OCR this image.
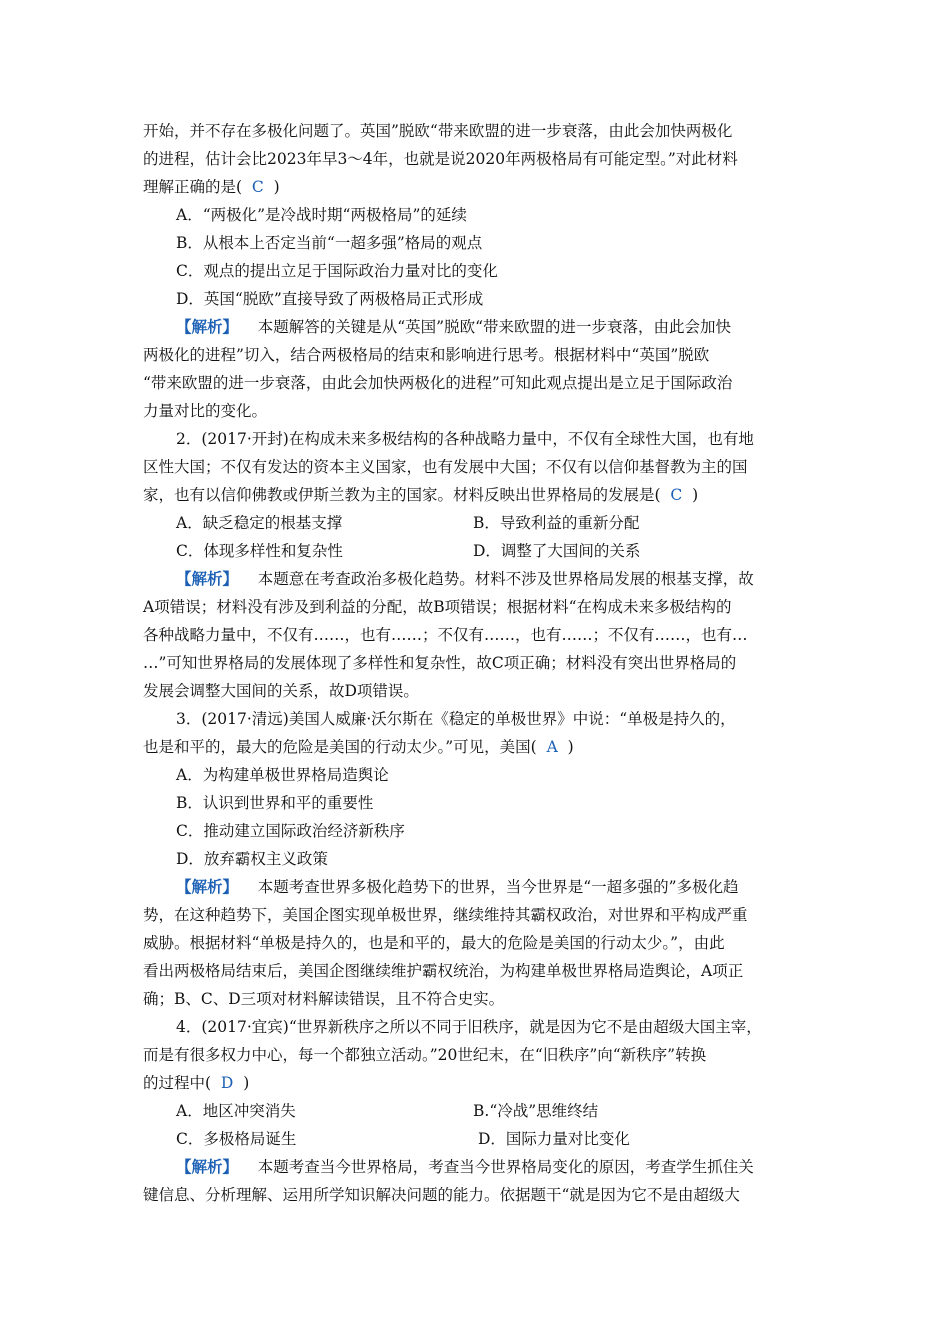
开始，并不存在多极化问题了。英国”脱欧“带来欧盟的进一步衰落，由此会加快两极化
的进程，估计会比2023年早3～4年，也就是说2020年两极格局有可能定型。”对此材料
理解正确的是( C )
A．“两极化”是冷战时期“两极格局”的延续
B．从根本上否定当前“一超多强”格局的观点
C．观点的提出立足于国际政治力量对比的变化
D．英国“脱欧”直接导致了两极格局正式形成
【解析】 本题解答的关键是从“英国”脱欧“带来欧盟的进一步衰落，由此会加快
两极化的进程”切入，结合两极格局的结束和影响进行思考。根据材料中“英国”脱欧
“带来欧盟的进一步衰落，由此会加快两极化的进程”可知此观点提出是立足于国际政治
力量对比的变化。
2．(2017·开封)在构成未来多极结构的各种战略力量中，不仅有全球性大国，也有地
区性大国；不仅有发达的资本主义国家，也有发展中大国；不仅有以信仰基督教为主的国
家，也有以信仰佛教或伊斯兰教为主的国家。材料反映出世界格局的发展是( C )
A．缺乏稳定的根基支撑	B．导致利益的重新分配
C．体现多样性和复杂性	D．调整了大国间的关系
【解析】 本题意在考查政治多极化趋势。材料不涉及世界格局发展的根基支撑，故
A项错误；材料没有涉及到利益的分配，故B项错误；根据材料“在构成未来多极结构的
各种战略力量中，不仅有……，也有……；不仅有……，也有……；不仅有……，也有…
…”可知世界格局的发展体现了多样性和复杂性，故C项正确；材料没有突出世界格局的
发展会调整大国间的关系，故D项错误。
3．(2017·清远)美国人威廉·沃尔斯在《稳定的单极世界》中说：“单极是持久的，
也是和平的，最大的危险是美国的行动太少。”可见，美国( A )
A．为构建单极世界格局造舆论
B．认识到世界和平的重要性
C．推动建立国际政治经济新秩序
D．放弃霸权主义政策
【解析】 本题考查世界多极化趋势下的世界，当今世界是“一超多强的”多极化趋
势，在这种趋势下，美国企图实现单极世界，继续维持其霸权政治，对世界和平构成严重
威胁。根据材料“单极是持久的，也是和平的，最大的危险是美国的行动太少。”，由此
看出两极格局结束后，美国企图继续维护霸权统治，为构建单极世界格局造舆论，A项正
确；B、C、D三项对材料解读错误，且不符合史实。
4．(2017·宜宾)“世界新秩序之所以不同于旧秩序，就是因为它不是由超级大国主宰，
而是有很多权力中心，每一个都独立活动。”20世纪末，在“旧秩序”向“新秩序”转换
的过程中( D )
A．地区冲突消失	B.“冷战”思维终结
C．多极格局诞生	D．国际力量对比变化
【解析】 本题考查当今世界格局，考查当今世界格局变化的原因，考查学生抓住关
键信息、分析理解、运用所学知识解决问题的能力。依据题干“就是因为它不是由超级大
